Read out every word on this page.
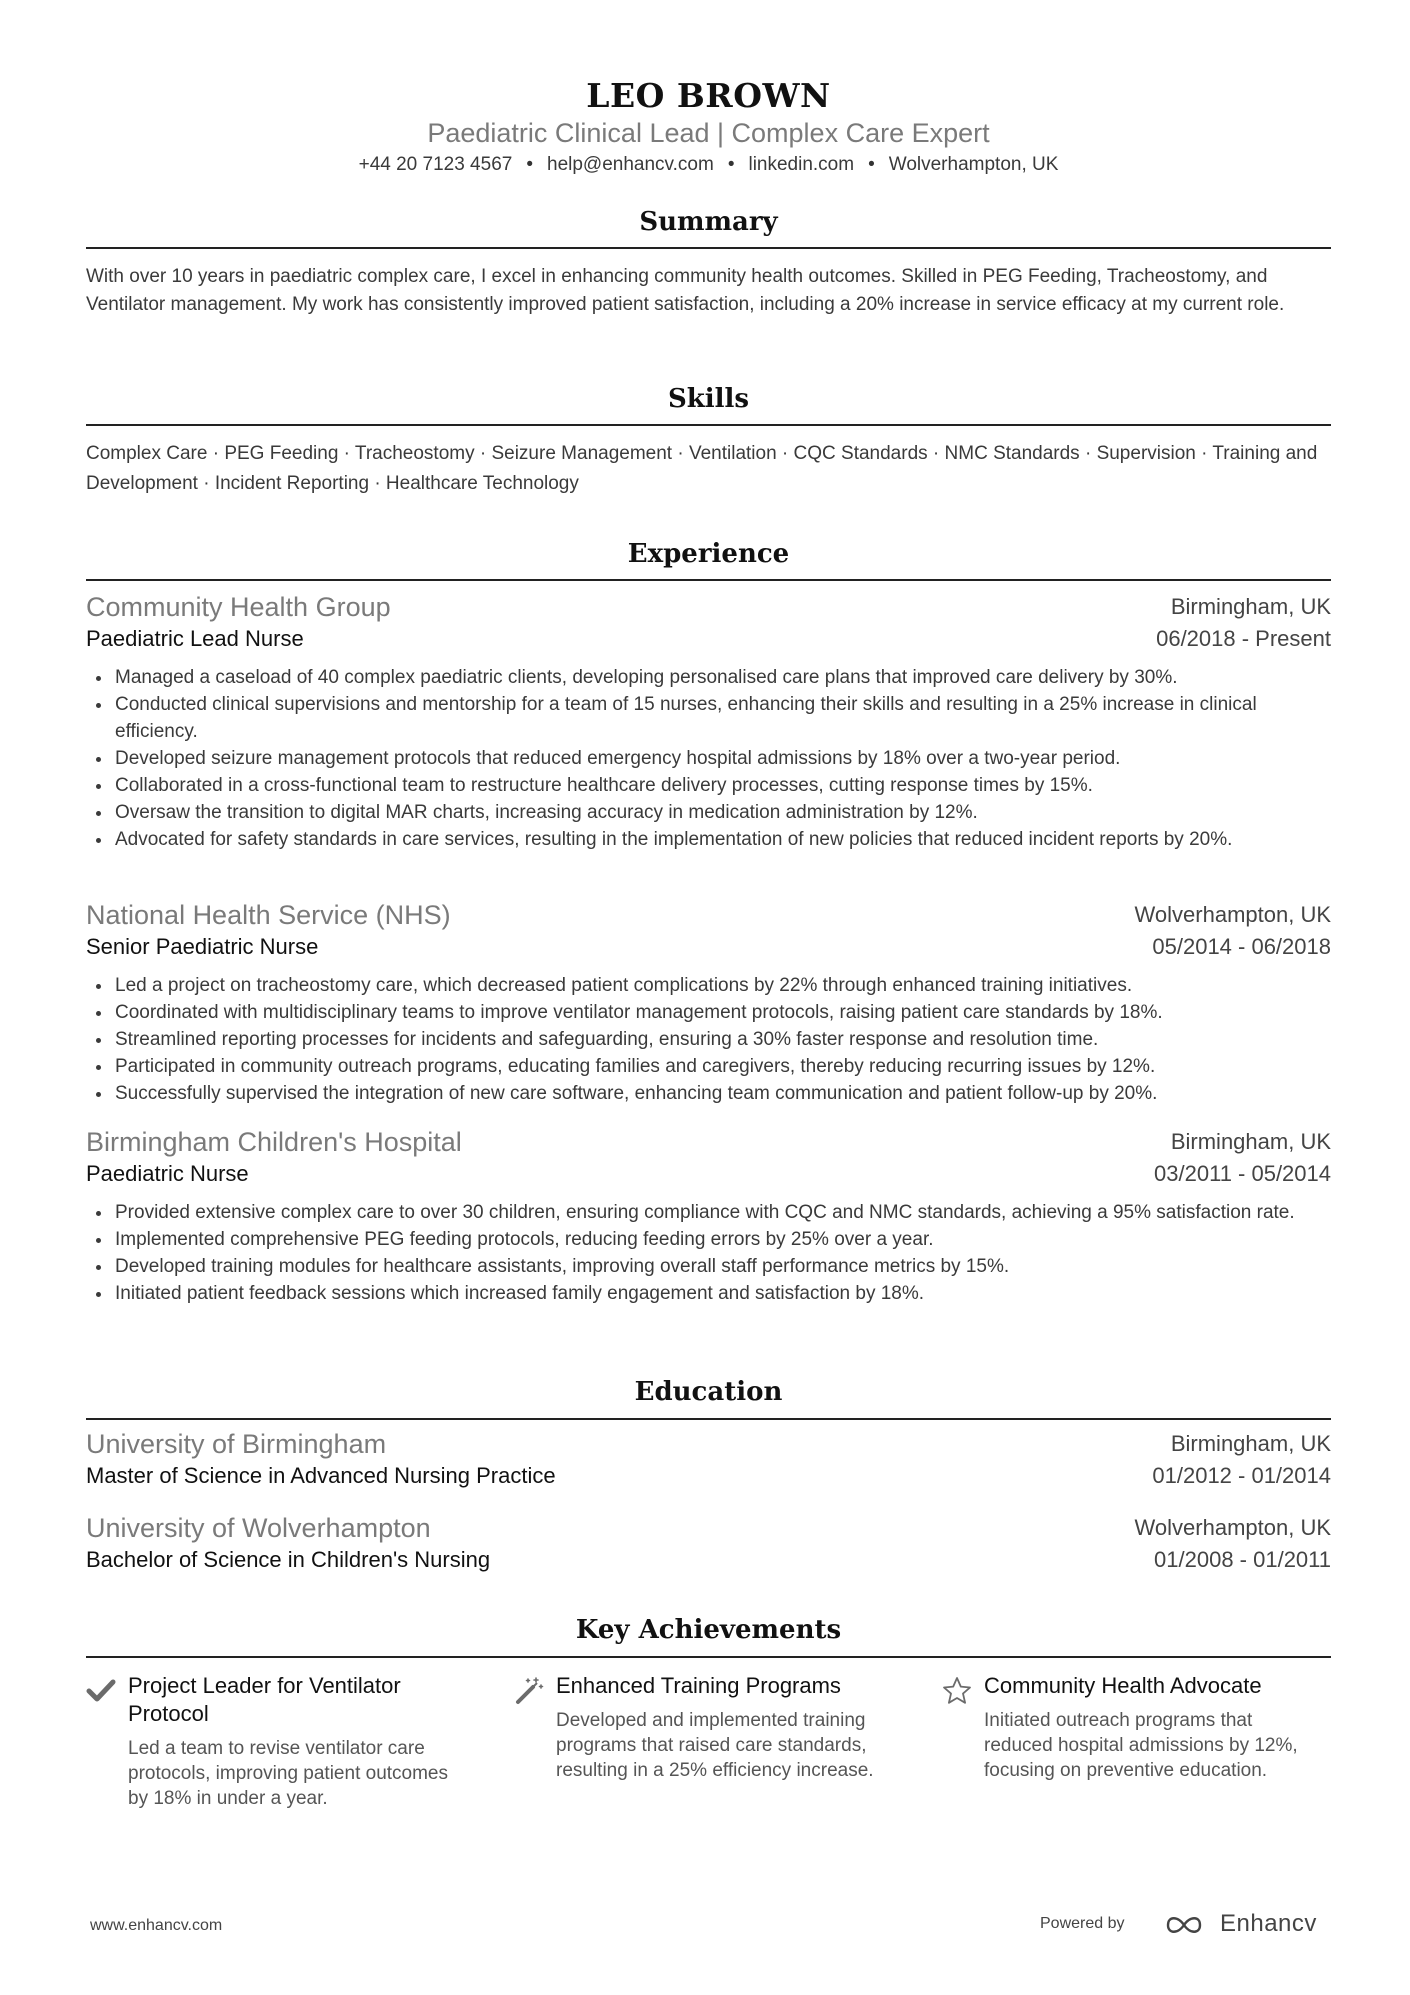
LEO BROWN
Paediatric Clinical Lead | Complex Care Expert
+44 20 7123 4567 • help@enhancv.com • linkedin.com • Wolverhampton, UK
Summary
With over 10 years in paediatric complex care, I excel in enhancing community health outcomes. Skilled in PEG Feeding, Tracheostomy, and Ventilator management. My work has consistently improved patient satisfaction, including a 20% increase in service efficacy at my current role.
Skills
Complex Care · PEG Feeding · Tracheostomy · Seizure Management · Ventilation · CQC Standards · NMC Standards · Supervision · Training and Development · Incident Reporting · Healthcare Technology
Experience
Community Health Group	Birmingham, UK
Paediatric Lead Nurse	06/2018 - Present
• Managed a caseload of 40 complex paediatric clients, developing personalised care plans that improved care delivery by 30%.
• Conducted clinical supervisions and mentorship for a team of 15 nurses, enhancing their skills and resulting in a 25% increase in clinical efficiency.
• Developed seizure management protocols that reduced emergency hospital admissions by 18% over a two-year period.
• Collaborated in a cross-functional team to restructure healthcare delivery processes, cutting response times by 15%.
• Oversaw the transition to digital MAR charts, increasing accuracy in medication administration by 12%.
• Advocated for safety standards in care services, resulting in the implementation of new policies that reduced incident reports by 20%.
National Health Service (NHS)	Wolverhampton, UK
Senior Paediatric Nurse	05/2014 - 06/2018
• Led a project on tracheostomy care, which decreased patient complications by 22% through enhanced training initiatives.
• Coordinated with multidisciplinary teams to improve ventilator management protocols, raising patient care standards by 18%.
• Streamlined reporting processes for incidents and safeguarding, ensuring a 30% faster response and resolution time.
• Participated in community outreach programs, educating families and caregivers, thereby reducing recurring issues by 12%.
• Successfully supervised the integration of new care software, enhancing team communication and patient follow-up by 20%.
Birmingham Children's Hospital	Birmingham, UK
Paediatric Nurse	03/2011 - 05/2014
• Provided extensive complex care to over 30 children, ensuring compliance with CQC and NMC standards, achieving a 95% satisfaction rate.
• Implemented comprehensive PEG feeding protocols, reducing feeding errors by 25% over a year.
• Developed training modules for healthcare assistants, improving overall staff performance metrics by 15%.
• Initiated patient feedback sessions which increased family engagement and satisfaction by 18%.
Education
University of Birmingham	Birmingham, UK
Master of Science in Advanced Nursing Practice	01/2012 - 01/2014
University of Wolverhampton	Wolverhampton, UK
Bachelor of Science in Children's Nursing	01/2008 - 01/2011
Key Achievements
Project Leader for Ventilator Protocol
Led a team to revise ventilator care protocols, improving patient outcomes by 18% in under a year.
Enhanced Training Programs
Developed and implemented training programs that raised care standards, resulting in a 25% efficiency increase.
Community Health Advocate
Initiated outreach programs that reduced hospital admissions by 12%, focusing on preventive education.
www.enhancv.com	Powered by	Enhancv
